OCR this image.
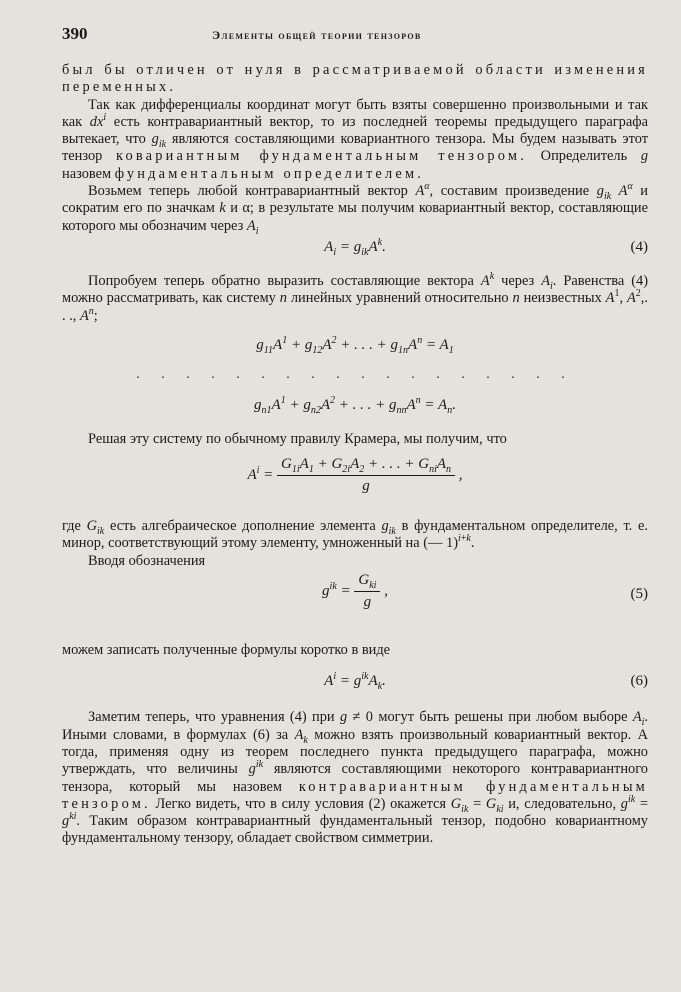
390	Элементы общей теории тензоров

был бы отличен от нуля в рассматриваемой области изменения переменных.

Так как дифференциалы координат могут быть взяты совершенно произвольными и так как $dx^i$ есть контравариантный вектор, то из последней теоремы предыдущего параграфа вытекает, что $g_{ik}$ являются составляющими ковариантного тензора. Мы будем называть этот тензор ковариантным фундаментальным тензором. Определитель g назовем фундаментальным определителем.

Возьмем теперь любой контравариантный вектор $A^\alpha$, составим произведение $g_{ik}$ $A^\alpha$ и сократим его по значкам k и α; в результате мы получим ковариантный вектор, составляющие которого мы обозначим через $A_i$

$A_i = g_{ik}A^k$.	(4)

Попробуем теперь обратно выразить составляющие вектора $A^k$ через $A_i$. Равенства (4) можно рассматривать, как систему n линейных уравнений относительно n неизвестных $A^1$, $A^2$,. . ., $A^n$;

$g_{11}A^1 + g_{12}A^2$ + . . . + $g_{1n}A^n = A_1$
. . . . . . . . . . . . . . . . . .
$g_{n1}A^1 + g_{n2}A^2$ + . . . + $g_{nn}A^n = A_n$.

Решая эту систему по обычному правилу Крамера, мы получим, что

$A^i = \frac{G_{1i}A_1 + G_{2i}A_2 + . . . + G_{ni}A_n}{g}$ ,

где $G_{ik}$ есть алгебраическое дополнение элемента $g_{ik}$ в фундаментальном определителе, т. е. минор, соответствующий этому элементу, умноженный на (— 1)$^{i+k}$.

Вводя обозначения

$g^{ik} = \frac{G_{ki}}{g}$ ,	(5)

можем записать полученные формулы коротко в виде

$A^i = g^{ik}A_k$.	(6)

Заметим теперь, что уравнения (4) при g ≠ 0 могут быть решены при любом выборе $A_i$. Иными словами, в формулах (6) за $A_k$ можно взять произвольный ковариантный вектор. А тогда, применяя одну из теорем последнего пункта предыдущего параграфа, можно утверждать, что величины $g^{ik}$ являются составляющими некоторого контравариантного тензора, который мы назовем контравариантным фундаментальным тензором. Легко видеть, что в силу условия (2) окажется $G_{ik} = G_{ki}$ и, следовательно, $g^{ik} = g^{ki}$. Таким образом контравариантный фундаментальный тензор, подобно ковариантному фундаментальному тензору, обладает свойством симметрии.
